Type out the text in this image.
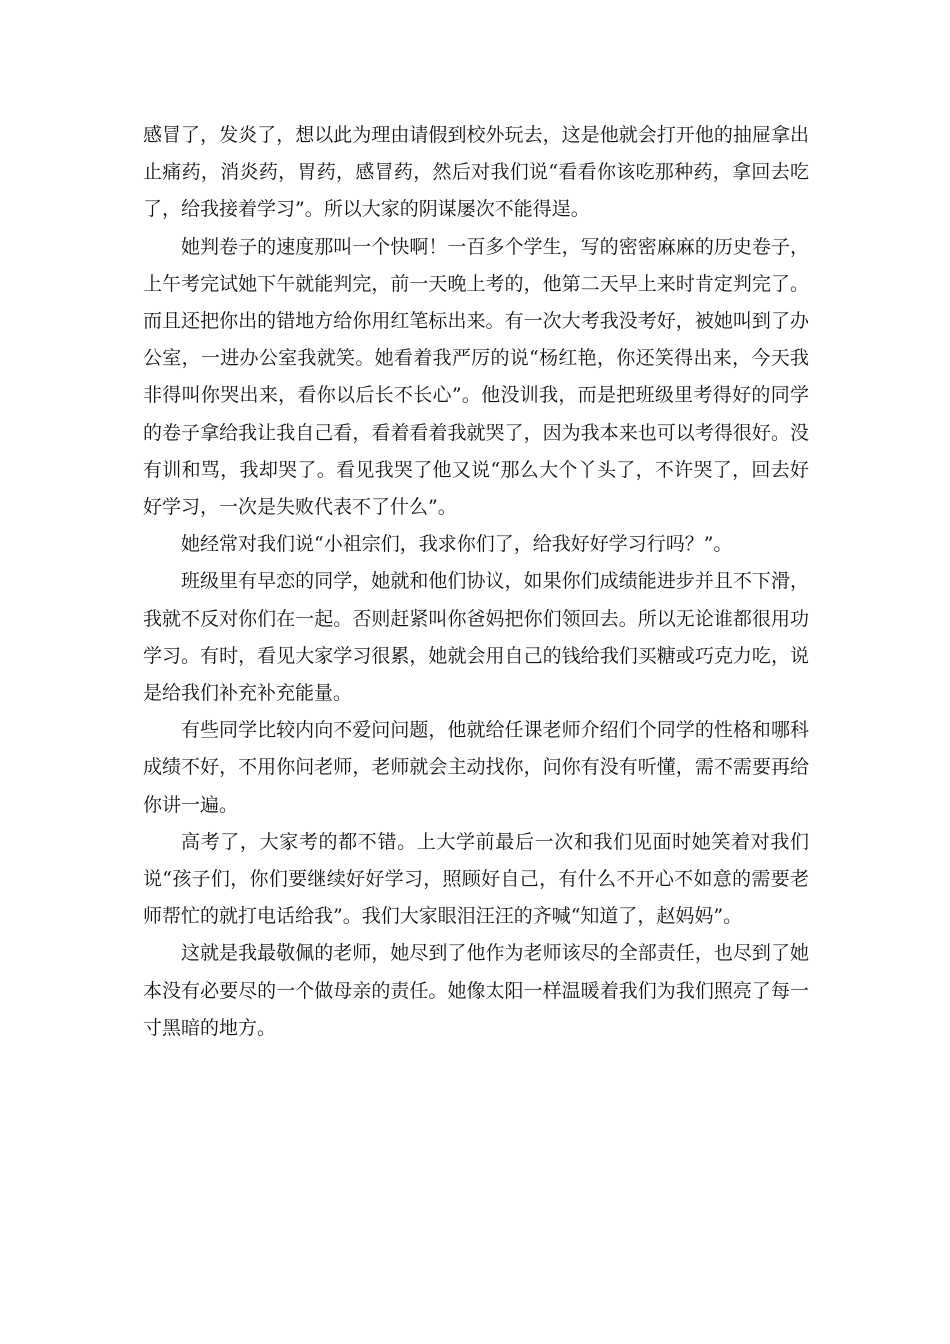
感冒了，发炎了，想以此为理由请假到校外玩去，这是他就会打开他的抽屉拿出止痛药，消炎药，胃药，感冒药，然后对我们说“看看你该吃那种药，拿回去吃了，给我接着学习”。所以大家的阴谋屡次不能得逞。

她判卷子的速度那叫一个快啊！一百多个学生，写的密密麻麻的历史卷子，上午考完试她下午就能判完，前一天晚上考的，他第二天早上来时肯定判完了。而且还把你出的错地方给你用红笔标出来。有一次大考我没考好，被她叫到了办公室，一进办公室我就笑。她看着我严厉的说“杨红艳，你还笑得出来，今天我非得叫你哭出来，看你以后长不长心”。他没训我，而是把班级里考得好的同学的卷子拿给我让我自己看，看着看着我就哭了，因为我本来也可以考得很好。没有训和骂，我却哭了。看见我哭了他又说“那么大个丫头了，不许哭了，回去好好学习，一次是失败代表不了什么”。

她经常对我们说“小祖宗们，我求你们了，给我好好学习行吗？”。

班级里有早恋的同学，她就和他们协议，如果你们成绩能进步并且不下滑，我就不反对你们在一起。否则赶紧叫你爸妈把你们领回去。所以无论谁都很用功学习。有时，看见大家学习很累，她就会用自己的钱给我们买糖或巧克力吃，说是给我们补充补充能量。

有些同学比较内向不爱问问题，他就给任课老师介绍们个同学的性格和哪科成绩不好，不用你问老师，老师就会主动找你，问你有没有听懂，需不需要再给你讲一遍。

高考了，大家考的都不错。上大学前最后一次和我们见面时她笑着对我们说“孩子们，你们要继续好好学习，照顾好自己，有什么不开心不如意的需要老师帮忙的就打电话给我”。我们大家眼泪汪汪的齐喊“知道了，赵妈妈”。

这就是我最敬佩的老师，她尽到了他作为老师该尽的全部责任，也尽到了她本没有必要尽的一个做母亲的责任。她像太阳一样温暖着我们为我们照亮了每一寸黑暗的地方。
